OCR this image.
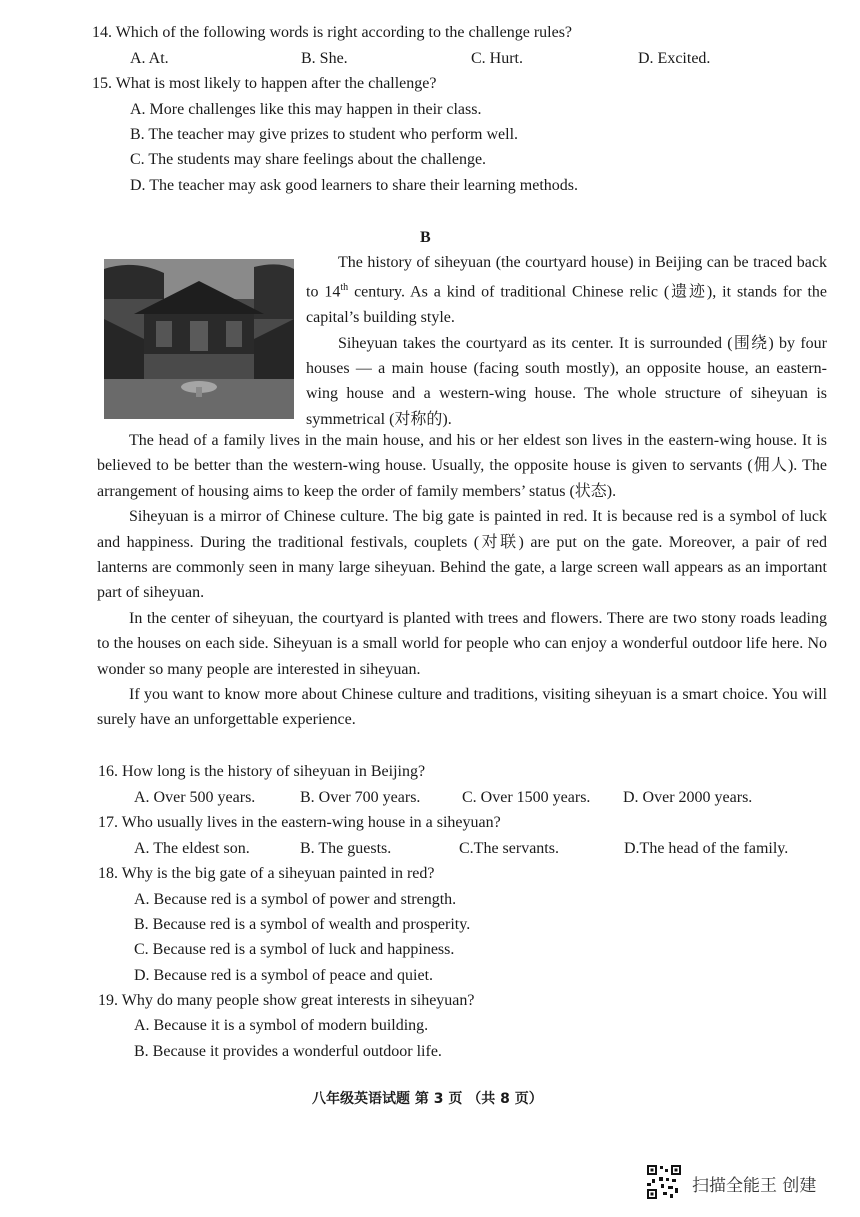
14. Which of the following words is right according to the challenge rules?
A. At.	B. She.	C. Hurt.	D. Excited.
15. What is most likely to happen after the challenge?
A. More challenges like this may happen in their class.
B. The teacher may give prizes to student who perform well.
C. The students may share feelings about the challenge.
D. The teacher may ask good learners to share their learning methods.
B

The history of siheyuan (the courtyard house) in Beijing can be traced back to 14th century. As a kind of traditional Chinese relic (遗迹), it stands for the capital’s building style.

Siheyuan takes the courtyard as its center. It is surrounded (围绕) by four houses — a main house (facing south mostly), an opposite house, an eastern-wing house and a western-wing house. The whole structure of siheyuan is symmetrical (对称的).

The head of a family lives in the main house, and his or her eldest son lives in the eastern-wing house. It is believed to be better than the western-wing house. Usually, the opposite house is given to servants (佣人). The arrangement of housing aims to keep the order of family members’ status (状态).

Siheyuan is a mirror of Chinese culture. The big gate is painted in red. It is because red is a symbol of luck and happiness. During the traditional festivals, couplets (对联) are put on the gate. Moreover, a pair of red lanterns are commonly seen in many large siheyuan. Behind the gate, a large screen wall appears as an important part of siheyuan.

In the center of siheyuan, the courtyard is planted with trees and flowers. There are two stony roads leading to the houses on each side. Siheyuan is a small world for people who can enjoy a wonderful outdoor life here. No wonder so many people are interested in siheyuan.

If you want to know more about Chinese culture and traditions, visiting siheyuan is a smart choice. You will surely have an unforgettable experience.

16. How long is the history of siheyuan in Beijing?
A. Over 500 years.	B. Over 700 years.	C. Over 1500 years. D. Over 2000 years.
17. Who usually lives in the eastern-wing house in a siheyuan?
A. The eldest son.	B. The guests.	C.The servants.	D.The head of the family.
18. Why is the big gate of a siheyuan painted in red?
A. Because red is a symbol of power and strength.
B. Because red is a symbol of wealth and prosperity.
C. Because red is a symbol of luck and happiness.
D. Because red is a symbol of peace and quiet.
19. Why do many people show great interests in siheyuan?
A. Because it is a symbol of modern building.
B. Because it provides a wonderful outdoor life.
八年级英语试题 第 3 页 （共 8 页）
扫描全能王 创建
